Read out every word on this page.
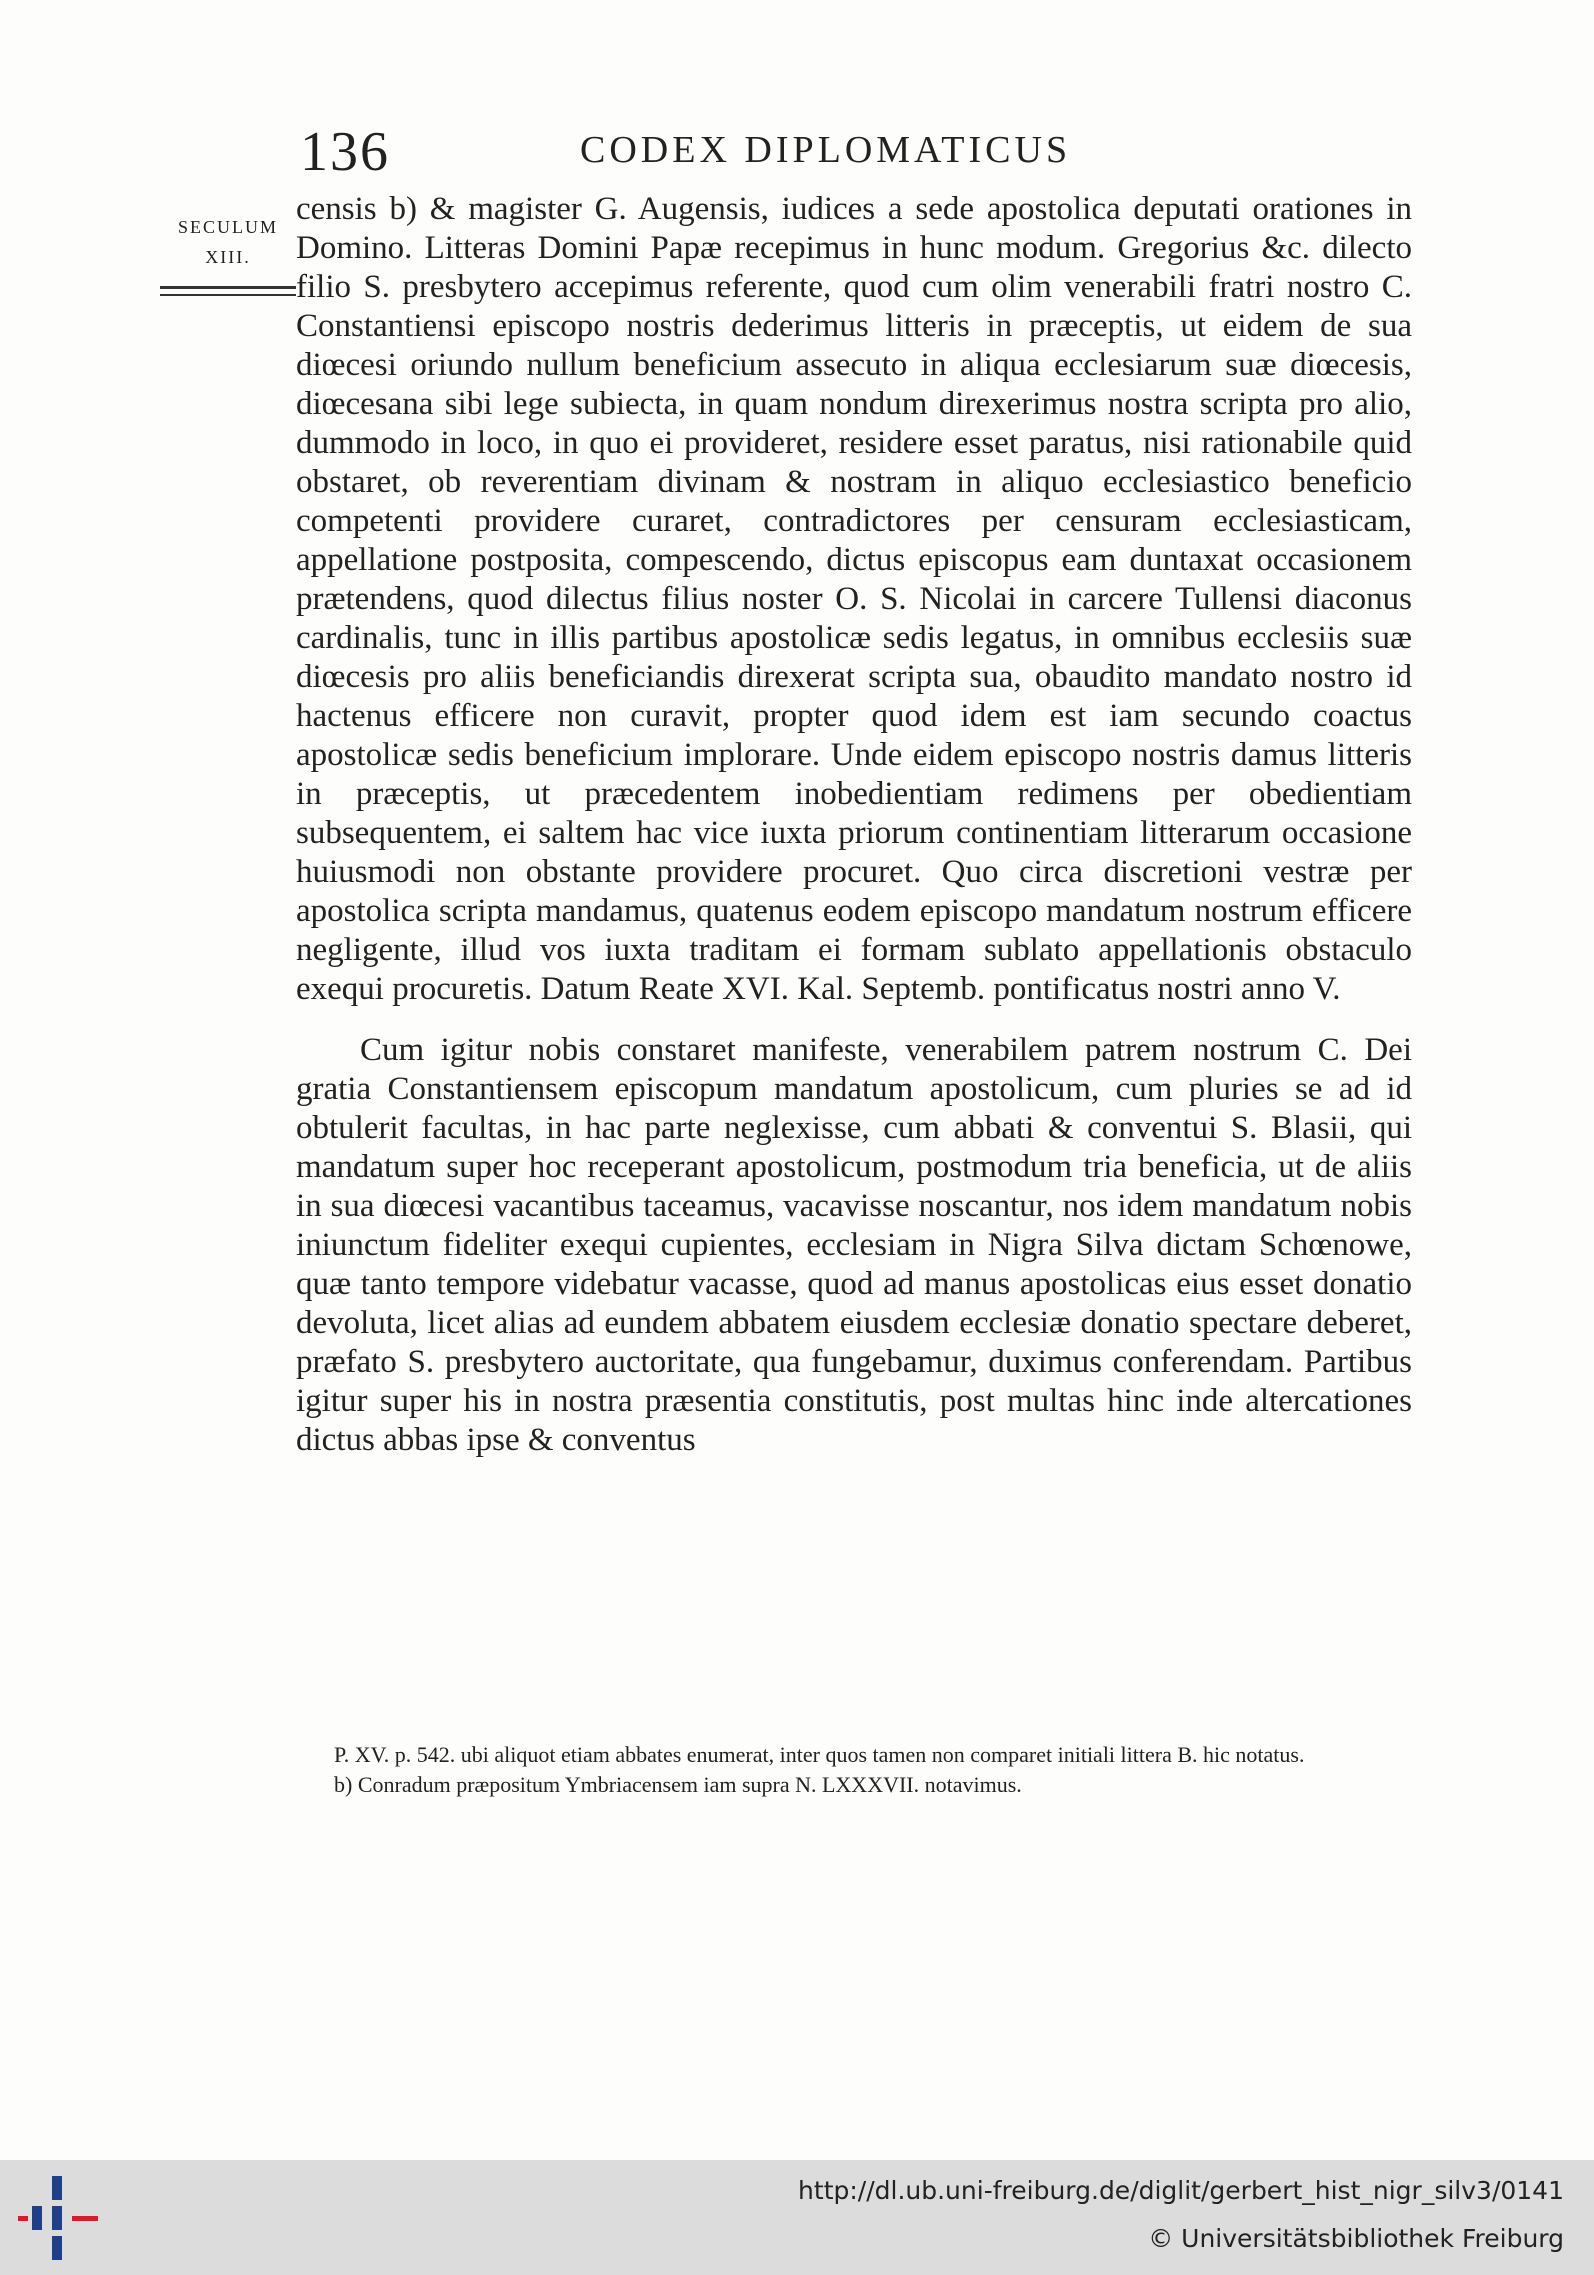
136	CODEX DIPLOMATICUS
SECULUM
XIII.

censis b) & magister G. Augensis, iudices a sede apostolica deputati orationes in Domino. Litteras Domini Papæ recepimus in hunc modum. Gregorius &c. dilecto filio S. presbytero accepimus referente, quod cum olim venerabili fratri nostro C. Constantiensi episcopo nostris dederimus litteris in præceptis, ut eidem de sua diœcesi oriundo nullum beneficium assecuto in aliqua ecclesiarum suæ diœcesis, diœcesana sibi lege subiecta, in quam nondum direxerimus nostra scripta pro alio, dummodo in loco, in quo ei provideret, residere esset paratus, nisi rationabile quid obstaret, ob reverentiam divinam & nostram in aliquo ecclesiastico beneficio competenti providere curaret, contradictores per censuram ecclesiasticam, appellatione postposita, compescendo, dictus episcopus eam duntaxat occasionem prætendens, quod dilectus filius noster O. S. Nicolai in carcere Tullensi diaconus cardinalis, tunc in illis partibus apostolicæ sedis legatus, in omnibus ecclesiis suæ diœcesis pro aliis beneficiandis direxerat scripta sua, obaudito mandato nostro id hactenus efficere non curavit, propter quod idem est iam secundo coactus apostolicæ sedis beneficium implorare. Unde eidem episcopo nostris damus litteris in præceptis, ut præcedentem inobedientiam redimens per obedientiam subsequentem, ei saltem hac vice iuxta priorum continentiam litterarum occasione huiusmodi non obstante providere procuret. Quo circa discretioni vestræ per apostolica scripta mandamus, quatenus eodem episcopo mandatum nostrum efficere negligente, illud vos iuxta traditam ei formam sublato appellationis obstaculo exequi procuretis. Datum Reate XVI. Kal. Septemb. pontificatus nostri anno V.

Cum igitur nobis constaret manifeste, venerabilem patrem nostrum C. Dei gratia Constantiensem episcopum mandatum apostolicum, cum pluries se ad id obtulerit facultas, in hac parte neglexisse, cum abbati & conventui S. Blasii, qui mandatum super hoc receperant apostolicum, postmodum tria beneficia, ut de aliis in sua diœcesi vacantibus taceamus, vacavisse noscantur, nos idem mandatum nobis iniunctum fideliter exequi cupientes, ecclesiam in Nigra Silva dictam Schœnowe, quæ tanto tempore videbatur vacasse, quod ad manus apostolicas eius esset donatio devoluta, licet alias ad eundem abbatem eiusdem ecclesiæ donatio spectare deberet, præfato S. presbytero auctoritate, qua fungebamur, duximus conferendam. Partibus igitur super his in nostra præsentia constitutis, post multas hinc inde altercationes dictus abbas ipse & conventus

P. XV. p. 542. ubi aliquot etiam abbates enumerat, inter quos tamen non comparet initiali littera B. hic notatus.

b) Conradum præpositum Ymbriacensem iam supra N. LXXXVII. notavimus.

http://dl.ub.uni-freiburg.de/diglit/gerbert_hist_nigr_silv3/0141
© Universitätsbibliothek Freiburg
